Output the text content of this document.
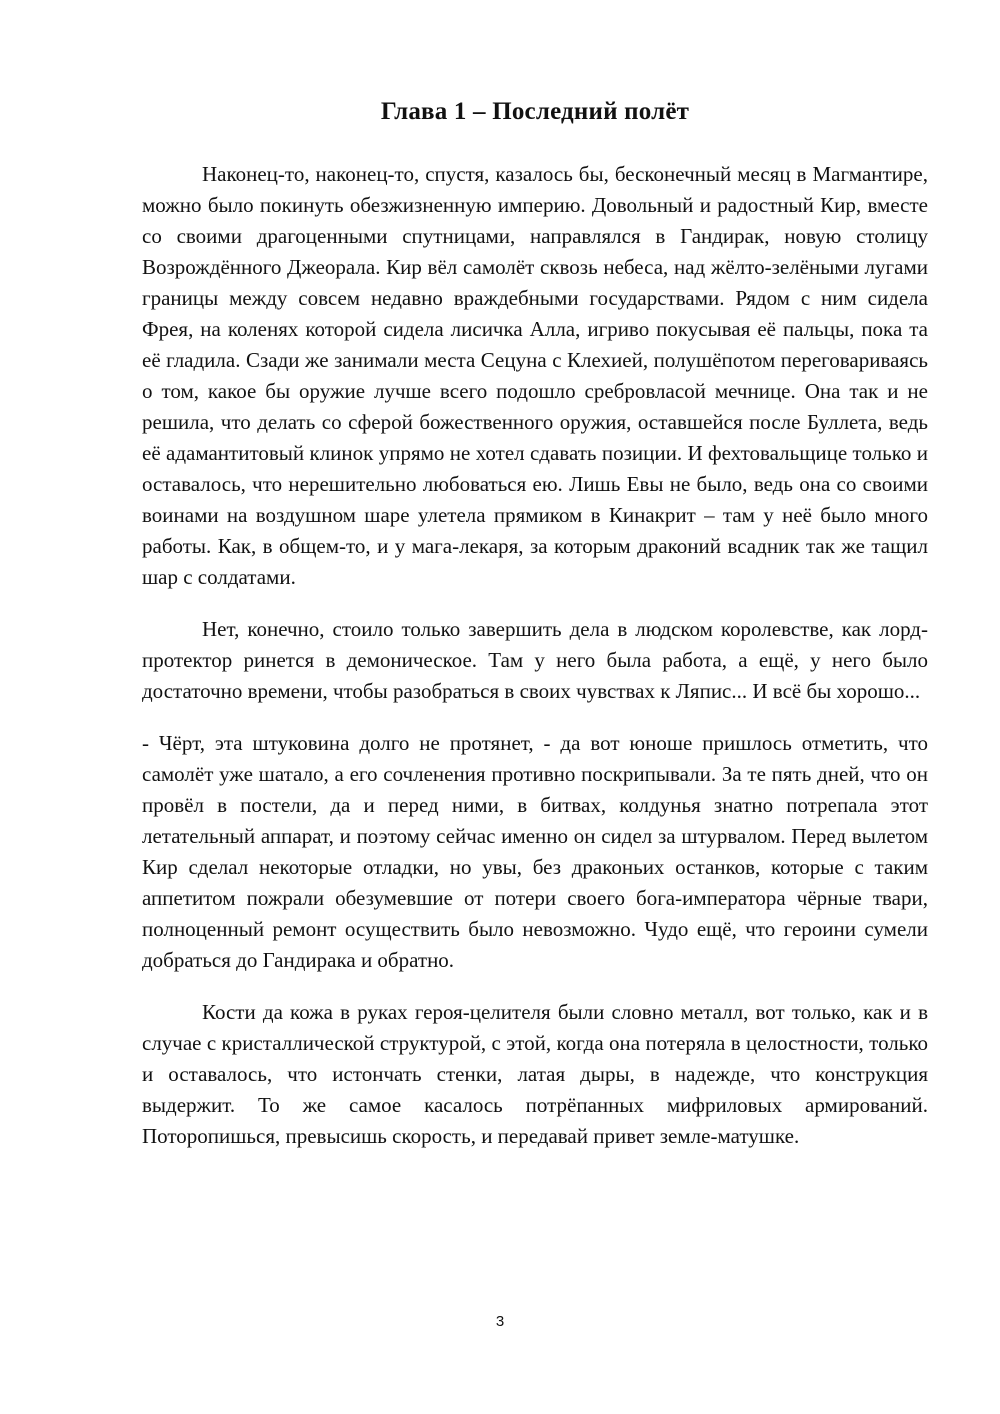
Глава 1 – Последний полёт

Наконец-то, наконец-то, спустя, казалось бы, бесконечный месяц в Магмантире, можно было покинуть обезжизненную империю. Довольный и радостный Кир, вместе со своими драгоценными спутницами, направлялся в Гандирак, новую столицу Возрождённого Джеорала. Кир вёл самолёт сквозь небеса, над жёлто-зелёными лугами границы между совсем недавно враждебными государствами. Рядом с ним сидела Фрея, на коленях которой сидела лисичка Алла, игриво покусывая её пальцы, пока та её гладила. Сзади же занимали места Сецуна с Клехией, полушёпотом переговариваясь о том, какое бы оружие лучше всего подошло сребровласой мечнице. Она так и не решила, что делать со сферой божественного оружия, оставшейся после Буллета, ведь её адамантитовый клинок упрямо не хотел сдавать позиции. И фехтовальщице только и оставалось, что нерешительно любоваться ею. Лишь Евы не было, ведь она со своими воинами на воздушном шаре улетела прямиком в Кинакрит – там у неё было много работы. Как, в общем-то, и у мага-лекаря, за которым драконий всадник так же тащил шар с солдатами.

Нет, конечно, стоило только завершить дела в людском королевстве, как лорд-протектор ринется в демоническое. Там у него была работа, а ещё, у него было достаточно времени, чтобы разобраться в своих чувствах к Ляпис... И всё бы хорошо...

- Чёрт, эта штуковина долго не протянет, - да вот юноше пришлось отметить, что самолёт уже шатало, а его сочленения противно поскрипывали. За те пять дней, что он провёл в постели, да и перед ними, в битвах, колдунья знатно потрепала этот летательный аппарат, и поэтому сейчас именно он сидел за штурвалом. Перед вылетом Кир сделал некоторые отладки, но увы, без драконьих останков, которые с таким аппетитом пожрали обезумевшие от потери своего бога-императора чёрные твари, полноценный ремонт осуществить было невозможно. Чудо ещё, что героини сумели добраться до Гандирака и обратно.

Кости да кожа в руках героя-целителя были словно металл, вот только, как и в случае с кристаллической структурой, с этой, когда она потеряла в целостности, только и оставалось, что истончать стенки, латая дыры, в надежде, что конструкция выдержит. То же самое касалось потрёпанных мифриловых армирований. Поторопишься, превысишь скорость, и передавай привет земле-матушке.

3
